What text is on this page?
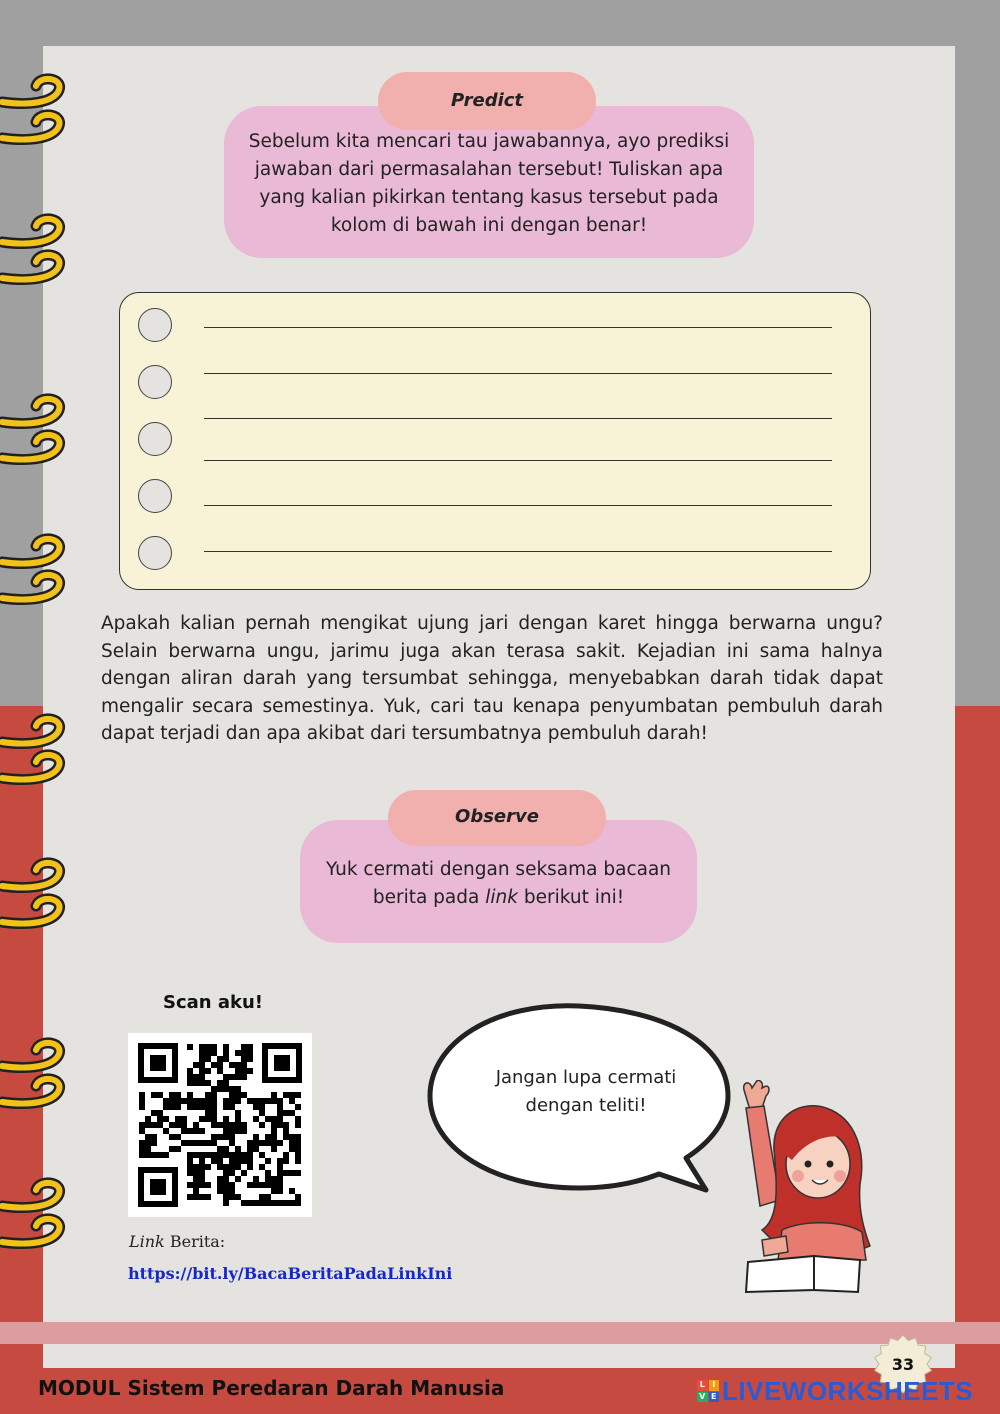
Sebelum kita mencari tau jawabannya, ayo prediksi jawaban dari permasalahan tersebut! Tuliskan apa yang kalian pikirkan tentang kasus tersebut pada kolom di bawah ini dengan benar!
Predict
Apakah kalian pernah mengikat ujung jari dengan karet hingga berwarna ungu? Selain berwarna ungu, jarimu juga akan terasa sakit. Kejadian ini sama halnya dengan aliran darah yang tersumbat sehingga, menyebabkan darah tidak dapat mengalir secara semestinya. Yuk, cari tau kenapa penyumbatan pembuluh darah dapat terjadi dan apa akibat dari tersumbatnya pembuluh darah!
Yuk cermati dengan seksama bacaan berita pada link berikut ini!
Observe
Scan aku!
Link Berita:
https://bit.ly/BacaBeritaPadaLinkIni
Jangan lupa cermati dengan teliti!
33
MODUL Sistem Peredaran Darah Manusia	L I
V E LIVEWORKSHEETS
